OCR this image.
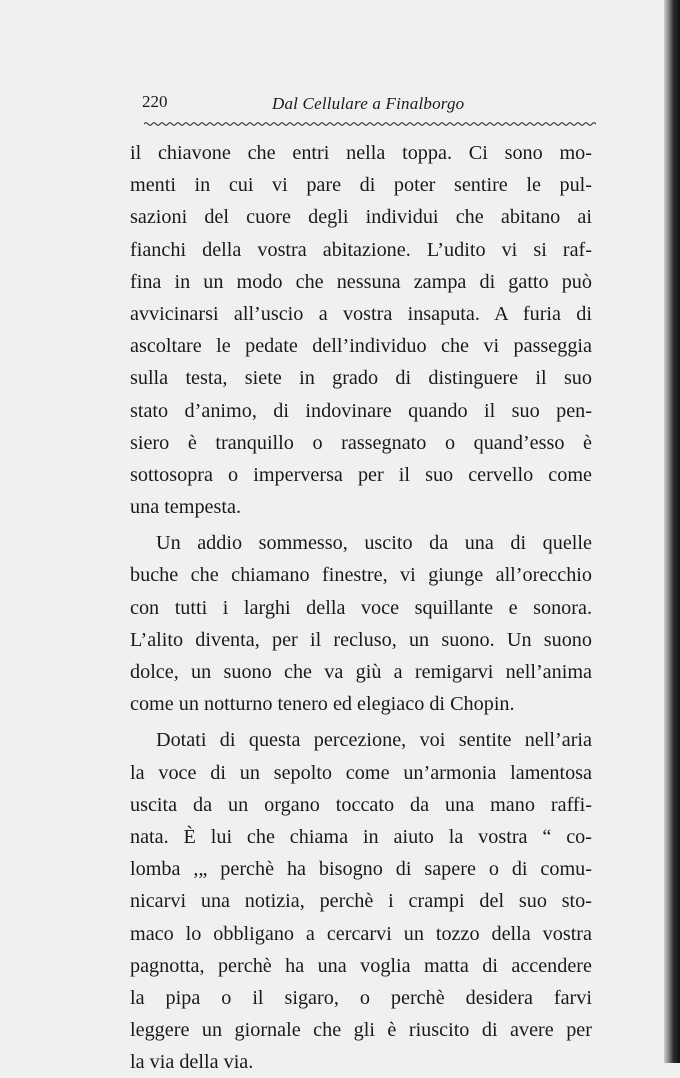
220	Dal Cellulare a Finalborgo
il chiavone che entri nella toppa. Ci sono mo-
menti in cui vi pare di poter sentire le pul-
sazioni del cuore degli individui che abitano ai
fianchi della vostra abitazione. L’udito vi si raf-
fina in un modo che nessuna zampa di gatto può
avvicinarsi all’uscio a vostra insaputa. A furia di
ascoltare le pedate dell’individuo che vi passeggia
sulla testa, siete in grado di distinguere il suo
stato d’animo, di indovinare quando il suo pen-
siero è tranquillo o rassegnato o quand’esso è
sottosopra o imperversa per il suo cervello come
una tempesta.
Un addio sommesso, uscito da una di quelle
buche che chiamano finestre, vi giunge all’orecchio
con tutti i larghi della voce squillante e sonora.
L’alito diventa, per il recluso, un suono. Un suono
dolce, un suono che va giù a remigarvi nell’anima
come un notturno tenero ed elegiaco di Chopin.
Dotati di questa percezione, voi sentite nell’aria
la voce di un sepolto come un’armonia lamentosa
uscita da un organo toccato da una mano raffi-
nata. È lui che chiama in aiuto la vostra “ co-
lomba ,„ perchè ha bisogno di sapere o di comu-
nicarvi una notizia, perchè i crampi del suo sto-
maco lo obbligano a cercarvi un tozzo della vostra
pagnotta, perchè ha una voglia matta di accendere
la pipa o il sigaro, o perchè desidera farvi
leggere un giornale che gli è riuscito di avere per
la via della via.
